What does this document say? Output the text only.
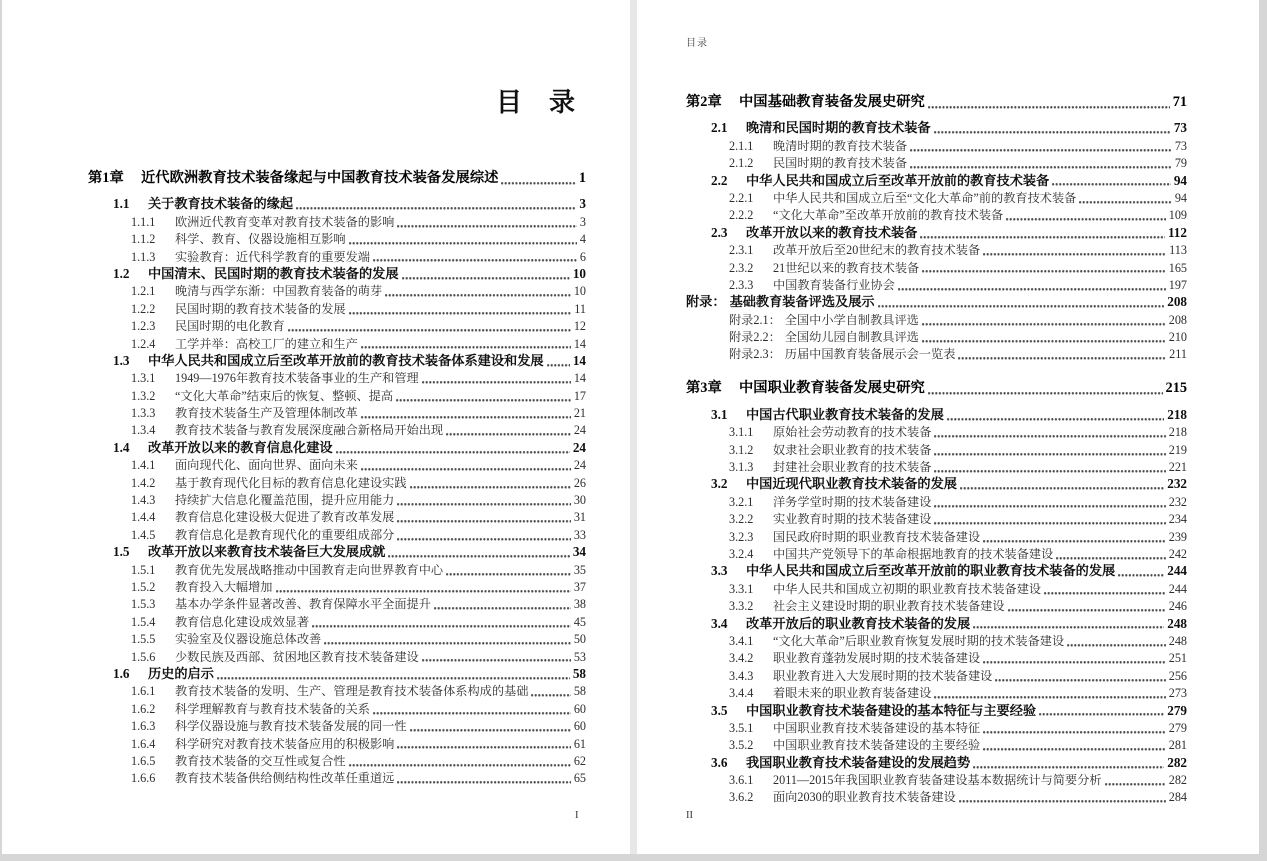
目 录
第1章 近代欧洲教育技术装备缘起与中国教育技术装备发展综述	1
1.1	关于教育技术装备的缘起	3
1.1.1	欧洲近代教育变革对教育技术装备的影响	3
1.1.2	科学、教育、仪器设施相互影响	4
1.1.3	实验教育：近代科学教育的重要发端	6
1.2	中国清末、民国时期的教育技术装备的发展	10
1.2.1	晚清与西学东渐：中国教育装备的萌芽	10
1.2.2	民国时期的教育技术装备的发展	11
1.2.3	民国时期的电化教育	12
1.2.4	工学并举：高校工厂的建立和生产	14
1.3	中华人民共和国成立后至改革开放前的教育技术装备体系建设和发展 14
1.3.1	1949—1976年教育技术装备事业的生产和管理	14
1.3.2	“文化大革命”结束后的恢复、整顿、提高	17
1.3.3	教育技术装备生产及管理体制改革	21
1.3.4	教育技术装备与教育发展深度融合新格局开始出现	24
1.4	改革开放以来的教育信息化建设	24
1.4.1	面向现代化、面向世界、面向未来	24
1.4.2	基于教育现代化目标的教育信息化建设实践	26
1.4.3	持续扩大信息化覆盖范围，提升应用能力	30
1.4.4	教育信息化建设极大促进了教育改革发展	31
1.4.5	教育信息化是教育现代化的重要组成部分	33
1.5	改革开放以来教育技术装备巨大发展成就	34
1.5.1	教育优先发展战略推动中国教育走向世界教育中心	35
1.5.2	教育投入大幅增加	37
1.5.3	基本办学条件显著改善、教育保障水平全面提升	38
1.5.4	教育信息化建设成效显著	45
1.5.5	实验室及仪器设施总体改善	50
1.5.6	少数民族及西部、贫困地区教育技术装备建设	53
1.6	历史的启示	58
1.6.1	教育技术装备的发明、生产、管理是教育技术装备体系构成的基础	58
1.6.2	科学理解教育与教育技术装备的关系	60
1.6.3	科学仪器设施与教育技术装备发展的同一性	60
1.6.4	科学研究对教育技术装备应用的积极影响	61
1.6.5	教育技术装备的交互性或复合性	62
1.6.6	教育技术装备供给侧结构性改革任重道远	65
I
目录
第2章 中国基础教育装备发展史研究	71
2.1	晚清和民国时期的教育技术装备	73
2.1.1	晚清时期的教育技术装备	73
2.1.2	民国时期的教育技术装备	79
2.2	中华人民共和国成立后至改革开放前的教育技术装备	94
2.2.1	中华人民共和国成立后至“文化大革命”前的教育技术装备	94
2.2.2	“文化大革命”至改革开放前的教育技术装备	109
2.3	改革开放以来的教育技术装备	112
2.3.1	改革开放后至20世纪末的教育技术装备	113
2.3.2	21世纪以来的教育技术装备	165
2.3.3	中国教育装备行业协会	197
附录： 基础教育装备评选及展示	208
附录2.1： 全国中小学自制教具评选	208
附录2.2： 全国幼儿园自制教具评选	210
附录2.3： 历届中国教育装备展示会一览表	211
第3章 中国职业教育装备发展史研究	215
3.1	中国古代职业教育技术装备的发展	218
3.1.1	原始社会劳动教育的技术装备	218
3.1.2	奴隶社会职业教育的技术装备	219
3.1.3	封建社会职业教育的技术装备	221
3.2	中国近现代职业教育技术装备的发展	232
3.2.1	洋务学堂时期的技术装备建设	232
3.2.2	实业教育时期的技术装备建设	234
3.2.3	国民政府时期的职业教育技术装备建设	239
3.2.4	中国共产党领导下的革命根据地教育的技术装备建设	242
3.3	中华人民共和国成立后至改革开放前的职业教育技术装备的发展	244
3.3.1	中华人民共和国成立初期的职业教育技术装备建设	244
3.3.2	社会主义建设时期的职业教育技术装备建设	246
3.4	改革开放后的职业教育技术装备的发展	248
3.4.1	“文化大革命”后职业教育恢复发展时期的技术装备建设	248
3.4.2	职业教育蓬勃发展时期的技术装备建设	251
3.4.3	职业教育进入大发展时期的技术装备建设	256
3.4.4	着眼未来的职业教育装备建设	273
3.5	中国职业教育技术装备建设的基本特征与主要经验	279
3.5.1	中国职业教育技术装备建设的基本特征	279
3.5.2	中国职业教育技术装备建设的主要经验	281
3.6	我国职业教育技术装备建设的发展趋势	282
3.6.1	2011—2015年我国职业教育装备建设基本数据统计与简要分析	282
3.6.2	面向2030的职业教育技术装备建设	284
II
